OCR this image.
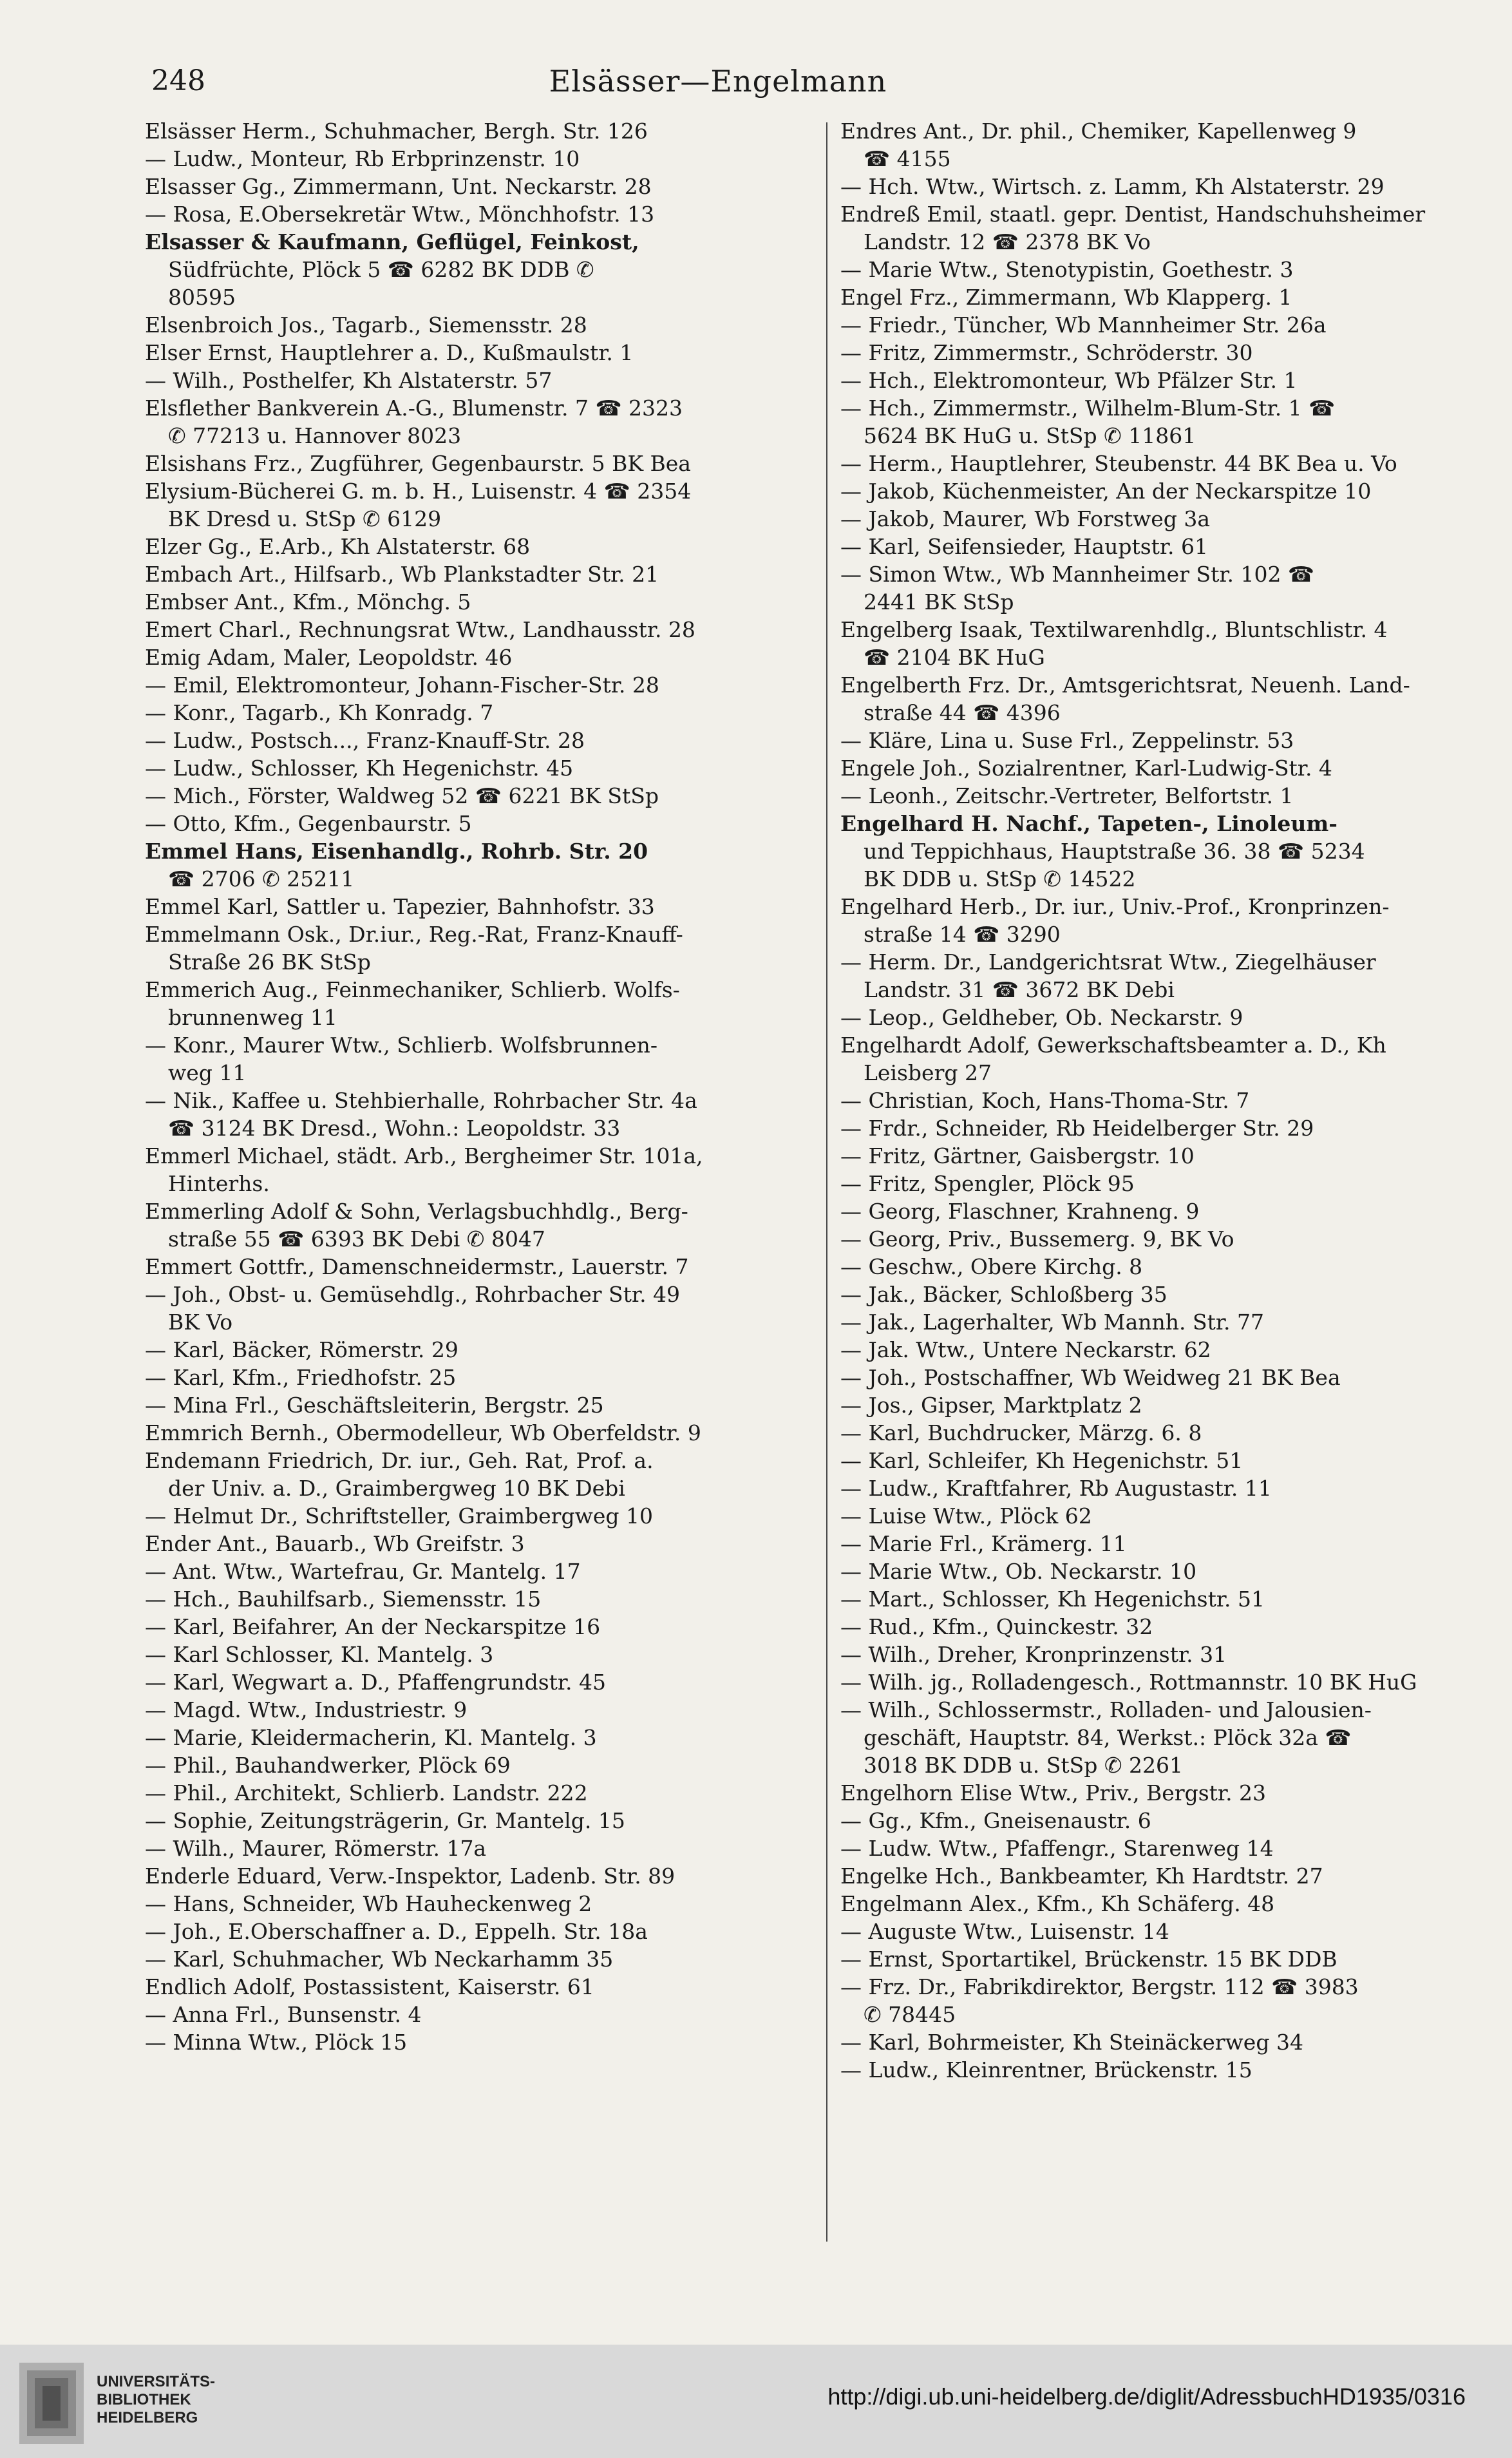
248	Elsässer—Engelmann
Elsässer Herm., Schuhmacher, Bergh. Str. 126
— Ludw., Monteur, Rb Erbprinzenstr. 10
Elsasser Gg., Zimmermann, Unt. Neckarstr. 28
— Rosa, E.Obersekretär Wtw., Mönchhofstr. 13
Elsasser & Kaufmann, Geflügel, Feinkost,
Südfrüchte, Plöck 5 ☎ 6282 BK DDB ✆
80595
Elsenbroich Jos., Tagarb., Siemensstr. 28
Elser Ernst, Hauptlehrer a. D., Kußmaulstr. 1
— Wilh., Posthelfer, Kh Alstaterstr. 57
Elsflether Bankverein A.-G., Blumenstr. 7 ☎ 2323
✆ 77213 u. Hannover 8023
Elsishans Frz., Zugführer, Gegenbaurstr. 5 BK Bea
Elysium-Bücherei G. m. b. H., Luisenstr. 4 ☎ 2354
BK Dresd u. StSp ✆ 6129
Elzer Gg., E.Arb., Kh Alstaterstr. 68
Embach Art., Hilfsarb., Wb Plankstadter Str. 21
Embser Ant., Kfm., Mönchg. 5
Emert Charl., Rechnungsrat Wtw., Landhausstr. 28
Emig Adam, Maler, Leopoldstr. 46
— Emil, Elektromonteur, Johann-Fischer-Str. 28
— Konr., Tagarb., Kh Konradg. 7
— Ludw., Postsch..., Franz-Knauff-Str. 28
— Ludw., Schlosser, Kh Hegenichstr. 45
— Mich., Förster, Waldweg 52 ☎ 6221 BK StSp
— Otto, Kfm., Gegenbaurstr. 5
Emmel Hans, Eisenhandlg., Rohrb. Str. 20
☎ 2706 ✆ 25211
Emmel Karl, Sattler u. Tapezier, Bahnhofstr. 33
Emmelmann Osk., Dr.iur., Reg.-Rat, Franz-Knauff-
Straße 26 BK StSp
Emmerich Aug., Feinmechaniker, Schlierb. Wolfs-
brunnenweg 11
— Konr., Maurer Wtw., Schlierb. Wolfsbrunnen-
weg 11
— Nik., Kaffee u. Stehbierhalle, Rohrbacher Str. 4a
☎ 3124 BK Dresd., Wohn.: Leopoldstr. 33
Emmerl Michael, städt. Arb., Bergheimer Str. 101a,
Hinterhs.
Emmerling Adolf & Sohn, Verlagsbuchhdlg., Berg-
straße 55 ☎ 6393 BK Debi ✆ 8047
Emmert Gottfr., Damenschneidermstr., Lauerstr. 7
— Joh., Obst- u. Gemüsehdlg., Rohrbacher Str. 49
BK Vo
— Karl, Bäcker, Römerstr. 29
— Karl, Kfm., Friedhofstr. 25
— Mina Frl., Geschäftsleiterin, Bergstr. 25
Emmrich Bernh., Obermodelleur, Wb Oberfeldstr. 9
Endemann Friedrich, Dr. iur., Geh. Rat, Prof. a.
der Univ. a. D., Graimbergweg 10 BK Debi
— Helmut Dr., Schriftsteller, Graimbergweg 10
Ender Ant., Bauarb., Wb Greifstr. 3
— Ant. Wtw., Wartefrau, Gr. Mantelg. 17
— Hch., Bauhilfsarb., Siemensstr. 15
— Karl, Beifahrer, An der Neckarspitze 16
— Karl Schlosser, Kl. Mantelg. 3
— Karl, Wegwart a. D., Pfaffengrundstr. 45
— Magd. Wtw., Industriestr. 9
— Marie, Kleidermacherin, Kl. Mantelg. 3
— Phil., Bauhandwerker, Plöck 69
— Phil., Architekt, Schlierb. Landstr. 222
— Sophie, Zeitungsträgerin, Gr. Mantelg. 15
— Wilh., Maurer, Römerstr. 17a
Enderle Eduard, Verw.-Inspektor, Ladenb. Str. 89
— Hans, Schneider, Wb Hauheckenweg 2
— Joh., E.Oberschaffner a. D., Eppelh. Str. 18a
— Karl, Schuhmacher, Wb Neckarhamm 35
Endlich Adolf, Postassistent, Kaiserstr. 61
— Anna Frl., Bunsenstr. 4
— Minna Wtw., Plöck 15
Endres Ant., Dr. phil., Chemiker, Kapellenweg 9
☎ 4155
— Hch. Wtw., Wirtsch. z. Lamm, Kh Alstaterstr. 29
Endreß Emil, staatl. gepr. Dentist, Handschuhsheimer
Landstr. 12 ☎ 2378 BK Vo
— Marie Wtw., Stenotypistin, Goethestr. 3
Engel Frz., Zimmermann, Wb Klapperg. 1
— Friedr., Tüncher, Wb Mannheimer Str. 26a
— Fritz, Zimmermstr., Schröderstr. 30
— Hch., Elektromonteur, Wb Pfälzer Str. 1
— Hch., Zimmermstr., Wilhelm-Blum-Str. 1 ☎
5624 BK HuG u. StSp ✆ 11861
— Herm., Hauptlehrer, Steubenstr. 44 BK Bea u. Vo
— Jakob, Küchenmeister, An der Neckarspitze 10
— Jakob, Maurer, Wb Forstweg 3a
— Karl, Seifensieder, Hauptstr. 61
— Simon Wtw., Wb Mannheimer Str. 102 ☎
2441 BK StSp
Engelberg Isaak, Textilwarenhdlg., Bluntschlistr. 4
☎ 2104 BK HuG
Engelberth Frz. Dr., Amtsgerichtsrat, Neuenh. Land-
straße 44 ☎ 4396
— Kläre, Lina u. Suse Frl., Zeppelinstr. 53
Engele Joh., Sozialrentner, Karl-Ludwig-Str. 4
— Leonh., Zeitschr.-Vertreter, Belfortstr. 1
Engelhard H. Nachf., Tapeten-, Linoleum-
und Teppichhaus, Hauptstraße 36. 38 ☎ 5234
BK DDB u. StSp ✆ 14522
Engelhard Herb., Dr. iur., Univ.-Prof., Kronprinzen-
straße 14 ☎ 3290
— Herm. Dr., Landgerichtsrat Wtw., Ziegelhäuser
Landstr. 31 ☎ 3672 BK Debi
— Leop., Geldheber, Ob. Neckarstr. 9
Engelhardt Adolf, Gewerkschaftsbeamter a. D., Kh
Leisberg 27
— Christian, Koch, Hans-Thoma-Str. 7
— Frdr., Schneider, Rb Heidelberger Str. 29
— Fritz, Gärtner, Gaisbergstr. 10
— Fritz, Spengler, Plöck 95
— Georg, Flaschner, Krahneng. 9
— Georg, Priv., Bussemerg. 9, BK Vo
— Geschw., Obere Kirchg. 8
— Jak., Bäcker, Schloßberg 35
— Jak., Lagerhalter, Wb Mannh. Str. 77
— Jak. Wtw., Untere Neckarstr. 62
— Joh., Postschaffner, Wb Weidweg 21 BK Bea
— Jos., Gipser, Marktplatz 2
— Karl, Buchdrucker, Märzg. 6. 8
— Karl, Schleifer, Kh Hegenichstr. 51
— Ludw., Kraftfahrer, Rb Augustastr. 11
— Luise Wtw., Plöck 62
— Marie Frl., Krämerg. 11
— Marie Wtw., Ob. Neckarstr. 10
— Mart., Schlosser, Kh Hegenichstr. 51
— Rud., Kfm., Quinckestr. 32
— Wilh., Dreher, Kronprinzenstr. 31
— Wilh. jg., Rolladengesch., Rottmannstr. 10 BK HuG
— Wilh., Schlossermstr., Rolladen- und Jalousien-
geschäft, Hauptstr. 84, Werkst.: Plöck 32a ☎
3018 BK DDB u. StSp ✆ 2261
Engelhorn Elise Wtw., Priv., Bergstr. 23
— Gg., Kfm., Gneisenaustr. 6
— Ludw. Wtw., Pfaffengr., Starenweg 14
Engelke Hch., Bankbeamter, Kh Hardtstr. 27
Engelmann Alex., Kfm., Kh Schäferg. 48
— Auguste Wtw., Luisenstr. 14
— Ernst, Sportartikel, Brückenstr. 15 BK DDB
— Frz. Dr., Fabrikdirektor, Bergstr. 112 ☎ 3983
✆ 78445
— Karl, Bohrmeister, Kh Steinäckerweg 34
— Ludw., Kleinrentner, Brückenstr. 15
UNIVERSITÄTS-
BIBLIOTHEK
HEIDELBERG
http://digi.ub.uni-heidelberg.de/diglit/AdressbuchHD1935/0316
